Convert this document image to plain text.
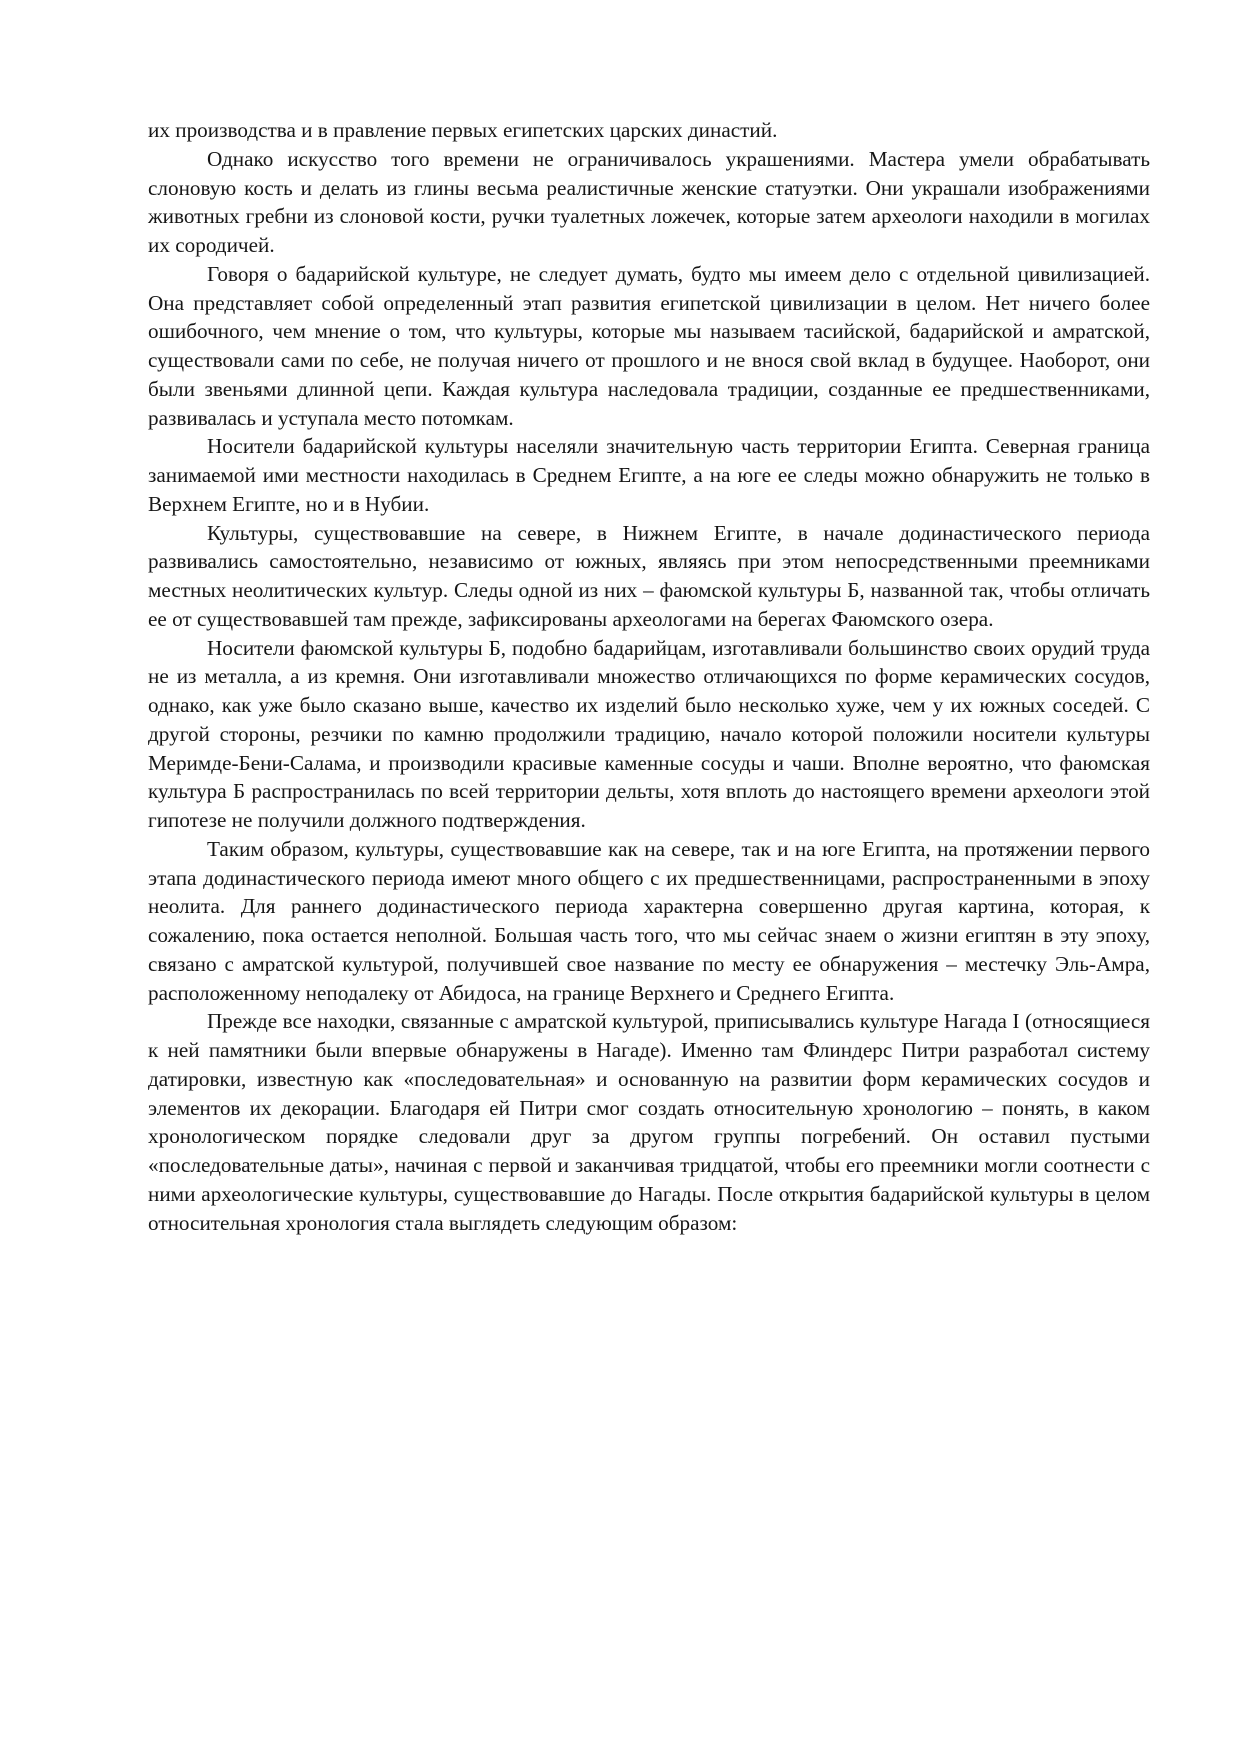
их производства и в правление первых египетских царских династий.

Однако искусство того времени не ограничивалось украшениями. Мастера умели обрабатывать слоновую кость и делать из глины весьма реалистичные женские статуэтки. Они украшали изображениями животных гребни из слоновой кости, ручки туалетных ложечек, которые затем археологи находили в могилах их сородичей.

Говоря о бадарийской культуре, не следует думать, будто мы имеем дело с отдельной цивилизацией. Она представляет собой определенный этап развития египетской цивилизации в целом. Нет ничего более ошибочного, чем мнение о том, что культуры, которые мы называем тасийской, бадарийской и амратской, существовали сами по себе, не получая ничего от прошлого и не внося свой вклад в будущее. Наоборот, они были звеньями длинной цепи. Каждая культура наследовала традиции, созданные ее предшественниками, развивалась и уступала место потомкам.

Носители бадарийской культуры населяли значительную часть территории Египта. Северная граница занимаемой ими местности находилась в Среднем Египте, а на юге ее следы можно обнаружить не только в Верхнем Египте, но и в Нубии.

Культуры, существовавшие на севере, в Нижнем Египте, в начале додинастического периода развивались самостоятельно, независимо от южных, являясь при этом непосредственными преемниками местных неолитических культур. Следы одной из них – фаюмской культуры Б, названной так, чтобы отличать ее от существовавшей там прежде, зафиксированы археологами на берегах Фаюмского озера.

Носители фаюмской культуры Б, подобно бадарийцам, изготавливали большинство своих орудий труда не из металла, а из кремня. Они изготавливали множество отличающихся по форме керамических сосудов, однако, как уже было сказано выше, качество их изделий было несколько хуже, чем у их южных соседей. С другой стороны, резчики по камню продолжили традицию, начало которой положили носители культуры Меримде-Бени-Салама, и производили красивые каменные сосуды и чаши. Вполне вероятно, что фаюмская культура Б распространилась по всей территории дельты, хотя вплоть до настоящего времени археологи этой гипотезе не получили должного подтверждения.

Таким образом, культуры, существовавшие как на севере, так и на юге Египта, на протяжении первого этапа додинастического периода имеют много общего с их предшественницами, распространенными в эпоху неолита. Для раннего додинастического периода характерна совершенно другая картина, которая, к сожалению, пока остается неполной. Большая часть того, что мы сейчас знаем о жизни египтян в эту эпоху, связано с амратской культурой, получившей свое название по месту ее обнаружения – местечку Эль-Амра, расположенному неподалеку от Абидоса, на границе Верхнего и Среднего Египта.

Прежде все находки, связанные с амратской культурой, приписывались культуре Нагада I (относящиеся к ней памятники были впервые обнаружены в Нагаде). Именно там Флиндерс Питри разработал систему датировки, известную как «последовательная» и основанную на развитии форм керамических сосудов и элементов их декорации. Благодаря ей Питри смог создать относительную хронологию – понять, в каком хронологическом порядке следовали друг за другом группы погребений. Он оставил пустыми «последовательные даты», начиная с первой и заканчивая тридцатой, чтобы его преемники могли соотнести с ними археологические культуры, существовавшие до Нагады. После открытия бадарийской культуры в целом относительная хронология стала выглядеть следующим образом:
